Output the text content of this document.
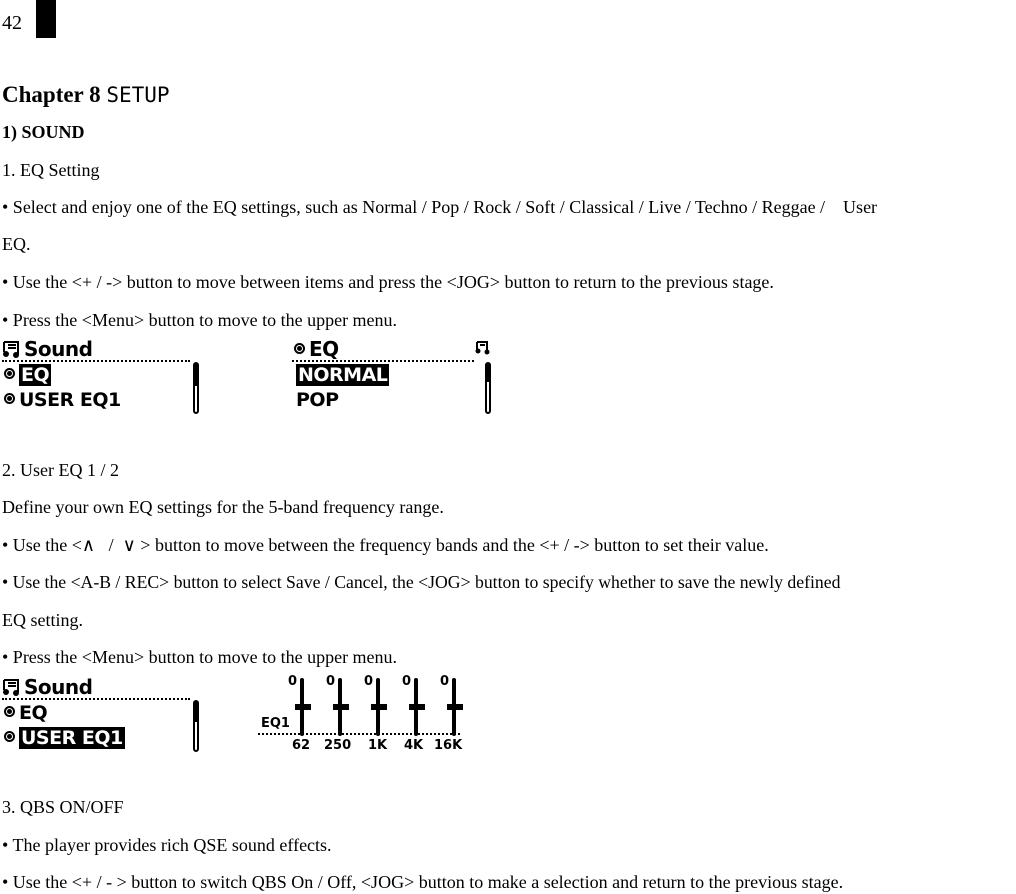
42
Chapter 8 SETUP
1) SOUND
1. EQ Setting
• Select and enjoy one of the EQ settings, such as Normal / Pop / Rock / Soft / Classical / Live / Techno / Reggae /    User
EQ.
• Use the <+ / -> button to move between items and press the <JOG> button to return to the previous stage.
• Press the <Menu> button to move to the upper menu.
Sound
EQ
USER EQ1
EQ
NORMAL
POP
2. User EQ 1 / 2
Define your own EQ settings for the 5-band frequency range.
• Use the <∧   /  ∨ > button to move between the frequency bands and the <+ / -> button to set their value.
• Use the <A-B / REC> button to select Save / Cancel, the <JOG> button to specify whether to save the newly defined
EQ setting.
• Press the <Menu> button to move to the upper menu.
Sound
EQ
USER EQ1
EQ1
0
62
0
250
0
1K
0
4K
0
16K
3. QBS ON/OFF
• The player provides rich QSE sound effects.
• Use the <+ / - > button to switch QBS On / Off, <JOG> button to make a selection and return to the previous stage.
